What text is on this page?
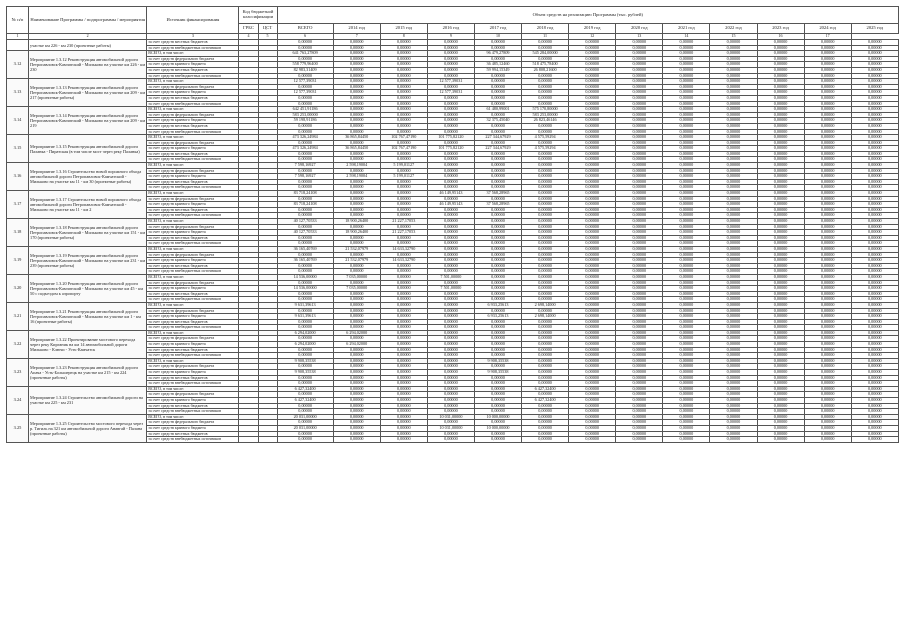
№ п/п	Наименование Программы / подпрограммы / мероприятия	Источник финансирования	Код бюджетной классификации		Объем средств на реализацию Программы (тыс. рублей)												
			ГРБС	ЦСТ	ВСЕГО	2014 год	2015 год	2016 год	2017 год	2018 год	2019 год	2020 год	2021 год	2022 год	2023 год	2024 год	2025 год
1	2	3	4	5	6	7	8	9	10	11	12	13	14	15	16	17	
	участке км 226 - км 230 (проектные работы)	за счет средств местных бюджетов			0,00000	0,00000	0,00000	0,00000	0,00000	0,00000	0,00000	0,00000	0,00000	0,00000	0,00000	0,00000	0,00000
		за счет средств внебюджетных источников			0,00000	0,00000	0,00000	0,00000	0,00000	0,00000	0,00000	0,00000	0,00000	0,00000	0,00000	0,00000	0,00000
3.12	Мероприятие 1.3.12 Реконструкция автомобильной дороги Петропавловск-Камчатский - Мильково на участке км 226 - км 230	ВСЕГО, в том числе:			641 763,27809	0,00000	0,00000	0,00000	96 479,27809	545 284,00000	0,00000	0,00000	0,00000	0,00000	0,00000	0,00000	0,00000
		за счет средств федерального бюджета			0,00000	0,00000	0,00000	0,00000	0,00000	0,00000	0,00000	0,00000	0,00000	0,00000	0,00000	0,00000	0,00000
		за счет средств краевого бюджета			558 779,96400	0,00000	0,00000	0,00000	36 485,12460	518 475,78400	0,00000	0,00000	0,00000	0,00000	0,00000	0,00000	0,00000
		за счет средств местных бюджетов			82 983,31409	0,00000	0,00000	0,00000	59 994,15349	26 808,21600	0,00000	0,00000	0,00000	0,00000	0,00000	0,00000	0,00000
		за счет средств внебюджетных источников			0,00000	0,00000	0,00000	0,00000	0,00000	0,00000	0,00000	0,00000	0,00000	0,00000	0,00000	0,00000	0,00000
3.13	Мероприятие 1.3.13 Реконструкция автомобильной дороги Петропавловск-Камчатский - Мильково на участке км 209 - км 217 (проектные работы)	ВСЕГО, в том числе:			12 577,39031	0,00000	0,00000	12 577,39031	0,00000	0,00000	0,00000	0,00000	0,00000	0,00000	0,00000	0,00000	0,00000
		за счет средств федерального бюджета			0,00000	0,00000	0,00000	0,00000	0,00000	0,00000	0,00000	0,00000	0,00000	0,00000	0,00000	0,00000	0,00000
		за счет средств краевого бюджета			12 577,39031	0,00000	0,00000	12 577,39031	0,00000	0,00000	0,00000	0,00000	0,00000	0,00000	0,00000	0,00000	0,00000
		за счет средств местных бюджетов			0,00000	0,00000	0,00000	0,00000	0,00000	0,00000	0,00000	0,00000	0,00000	0,00000	0,00000	0,00000	0,00000
		за счет средств внебюджетных источников			0,00000	0,00000	0,00000	0,00000	0,00000	0,00000	0,00000	0,00000	0,00000	0,00000	0,00000	0,00000	0,00000
3.14	Мероприятие 1.3.14 Реконструкция автомобильной дороги Петропавловск-Камчатский - Мильково на участке км 209 - км 219	ВСЕГО, в том числе:			642 451,91186	0,00000	0,00000	0,00000	61 480,99001	575 170,80000	0,00000	0,00000	0,00000	0,00000	0,00000	0,00000	0,00000
		за счет средств федерального бюджета			583 253,00000	0,00000	0,00000	0,00000	0,00000	583 253,00000	0,00000	0,00000	0,00000	0,00000	0,00000	0,00000	0,00000
		за счет средств краевого бюджета			59 198,91186	0,00000	0,00000	0,00000	32 375,45040	26 823,46146	0,00000	0,00000	0,00000	0,00000	0,00000	0,00000	0,00000
		за счет средств местных бюджетов			0,00000	0,00000	0,00000	0,00000	0,00000	0,00000	0,00000	0,00000	0,00000	0,00000	0,00000	0,00000	0,00000
		за счет средств внебюджетных источников			0,00000	0,00000	0,00000	0,00000	0,00000	0,00000	0,00000	0,00000	0,00000	0,00000	0,00000	0,00000	0,00000
3.15	Мероприятие 1.3.15 Реконструкция автомобильной дороги Паланка - Пиратская (в том числе мост через реку Паланка)	ВСЕГО, в том числе:			473 326,24984	36 865,84450	102 767,47190	101 775,82120	227 344,67929	4 575,59294	0,00000	0,00000	0,00000	0,00000	0,00000	0,00000	0,00000
		за счет средств федерального бюджета			0,00000	0,00000	0,00000	0,00000	0,00000	0,00000	0,00000	0,00000	0,00000	0,00000	0,00000	0,00000	0,00000
		за счет средств краевого бюджета			473 326,24984	36 865,84450	102 767,47190	101 775,82120	227 344,67929	4 575,59294	0,00000	0,00000	0,00000	0,00000	0,00000	0,00000	0,00000
		за счет средств местных бюджетов			0,00000	0,00000	0,00000	0,00000	0,00000	0,00000	0,00000	0,00000	0,00000	0,00000	0,00000	0,00000	0,00000
		за счет средств внебюджетных источников			0,00000	0,00000	0,00000	0,00000	0,00000	0,00000	0,00000	0,00000	0,00000	0,00000	0,00000	0,00000	0,00000
3.16	Мероприятие 1.3.16 Строительство новой порожного обхода автомобильной дороги Петропавловск-Камчатский - Мильково на участке км 11 - км 30 (проектные работы)	ВСЕГО, в том числе:			7 598,16927	2 598,19004	5 199,01127	0,00000	0,00000	0,00000	0,00000	0,00000	0,00000	0,00000	0,00000	0,00000	0,00000
		за счет средств федерального бюджета			0,00000	0,00000	0,00000	0,00000	0,00000	0,00000	0,00000	0,00000	0,00000	0,00000	0,00000	0,00000	0,00000
		за счет средств краевого бюджета			7 598,16927	2 598,19004	5 199,01127	0,00000	0,00000	0,00000	0,00000	0,00000	0,00000	0,00000	0,00000	0,00000	0,00000
		за счет средств местных бюджетов			0,00000	0,00000	0,00000	0,00000	0,00000	0,00000	0,00000	0,00000	0,00000	0,00000	0,00000	0,00000	0,00000
		за счет средств внебюджетных источников			0,00000	0,00000	0,00000	0,00000	0,00000	0,00000	0,00000	0,00000	0,00000	0,00000	0,00000	0,00000	0,00000
3.17	Мероприятие 1.3.17 Строительство новой порожного обхода автомобильной дороги Петропавловск-Камчатский - Мильково на участке км 11 - км 2	ВСЕГО, в том числе:			83 718,24108	0,00000	0,00000	46 149,95143	37 568,28965	0,00000	0,00000	0,00000	0,00000	0,00000	0,00000	0,00000	0,00000
		за счет средств федерального бюджета			0,00000	0,00000	0,00000	0,00000	0,00000	0,00000	0,00000	0,00000	0,00000	0,00000	0,00000	0,00000	0,00000
		за счет средств краевого бюджета			83 718,24108	0,00000	0,00000	46 149,95143	37 568,28965	0,00000	0,00000	0,00000	0,00000	0,00000	0,00000	0,00000	0,00000
		за счет средств местных бюджетов			0,00000	0,00000	0,00000	0,00000	0,00000	0,00000	0,00000	0,00000	0,00000	0,00000	0,00000	0,00000	0,00000
		за счет средств внебюджетных источников			0,00000	0,00000	0,00000	0,00000	0,00000	0,00000	0,00000	0,00000	0,00000	0,00000	0,00000	0,00000	0,00000
3.18	Мероприятие 1.3.18 Реконструкция автомобильной дороги Петропавловск-Камчатский - Мильково на участке км 151 - км 170 (проектные работы)	ВСЕГО, в том числе:			40 127,70533	18 900,26400	21 227,17053	0,00000	0,00000	0,00000	0,00000	0,00000	0,00000	0,00000	0,00000	0,00000	0,00000
		за счет средств федерального бюджета			0,00000	0,00000	0,00000	0,00000	0,00000	0,00000	0,00000	0,00000	0,00000	0,00000	0,00000	0,00000	0,00000
		за счет средств краевого бюджета			40 127,70533	18 900,26400	21 227,17053	0,00000	0,00000	0,00000	0,00000	0,00000	0,00000	0,00000	0,00000	0,00000	0,00000
		за счет средств местных бюджетов			0,00000	0,00000	0,00000	0,00000	0,00000	0,00000	0,00000	0,00000	0,00000	0,00000	0,00000	0,00000	0,00000
		за счет средств внебюджетных источников			0,00000	0,00000	0,00000	0,00000	0,00000	0,00000	0,00000	0,00000	0,00000	0,00000	0,00000	0,00000	0,00000
3.19	Мероприятие 1.3.19 Реконструкция автомобильной дороги Петропавловск-Камчатский - Мильково на участке км 231 - км 239 (проектные работы)	ВСЕГО, в том числе:			36 165,40769	21 532,07979	14 633,32790	0,00000	0,00000	0,00000	0,00000	0,00000	0,00000	0,00000	0,00000	0,00000	0,00000
		за счет средств федерального бюджета			0,00000	0,00000	0,00000	0,00000	0,00000	0,00000	0,00000	0,00000	0,00000	0,00000	0,00000	0,00000	0,00000
		за счет средств краевого бюджета			36 165,40769	21 532,07979	14 633,32790	0,00000	0,00000	0,00000	0,00000	0,00000	0,00000	0,00000	0,00000	0,00000	0,00000
		за счет средств местных бюджетов			0,00000	0,00000	0,00000	0,00000	0,00000	0,00000	0,00000	0,00000	0,00000	0,00000	0,00000	0,00000	0,00000
		за счет средств внебюджетных источников			0,00000	0,00000	0,00000	0,00000	0,00000	0,00000	0,00000	0,00000	0,00000	0,00000	0,00000	0,00000	0,00000
3.20	Мероприятие 1.3.20 Реконструкция автомобильной дороги Петропавловск-Камчатский - Мильково на участке км 45 - км 50 с подъездом к аэропорту	ВСЕГО, в том числе:			14 536,00000	7 035,00000	0,00000	7 501,00000	0,00000	0,00000	0,00000	0,00000	0,00000	0,00000	0,00000	0,00000	0,00000
		за счет средств федерального бюджета			0,00000	0,00000	0,00000	0,00000	0,00000	0,00000	0,00000	0,00000	0,00000	0,00000	0,00000	0,00000	0,00000
		за счет средств краевого бюджета			14 536,00000	7 035,00000	0,00000	7 501,00000	0,00000	0,00000	0,00000	0,00000	0,00000	0,00000	0,00000	0,00000	0,00000
		за счет средств местных бюджетов			0,00000	0,00000	0,00000	0,00000	0,00000	0,00000	0,00000	0,00000	0,00000	0,00000	0,00000	0,00000	0,00000
		за счет средств внебюджетных источников			0,00000	0,00000	0,00000	0,00000	0,00000	0,00000	0,00000	0,00000	0,00000	0,00000	0,00000	0,00000	0,00000
3.21	Мероприятие 1.3.21 Реконструкция автомобильной дороги Петропавловск-Камчатский - Мильково на участке км 1 - км 16 (проектные работы)	ВСЕГО, в том числе:			9 631,39613	0,00000	0,00000	0,00000	6 933,25613	2 698,14000	0,00000	0,00000	0,00000	0,00000	0,00000	0,00000	0,00000
		за счет средств федерального бюджета			0,00000	0,00000	0,00000	0,00000	0,00000	0,00000	0,00000	0,00000	0,00000	0,00000	0,00000	0,00000	0,00000
		за счет средств краевого бюджета			9 631,39613	0,00000	0,00000	0,00000	6 933,25613	2 698,14000	0,00000	0,00000	0,00000	0,00000	0,00000	0,00000	0,00000
		за счет средств местных бюджетов			0,00000	0,00000	0,00000	0,00000	0,00000	0,00000	0,00000	0,00000	0,00000	0,00000	0,00000	0,00000	0,00000
		за счет средств внебюджетных источников			0,00000	0,00000	0,00000	0,00000	0,00000	0,00000	0,00000	0,00000	0,00000	0,00000	0,00000	0,00000	0,00000
3.22	Мероприятие 1.3.22 Проектирование мостового перехода через реку Кирганик на км 14 автомобильной дороги Мильково - Ключи - Усть-Камчатск	ВСЕГО, в том числе:			6 294,02000	6 294,02000	0,00000	0,00000	0,00000	0,00000	0,00000	0,00000	0,00000	0,00000	0,00000	0,00000	0,00000
		за счет средств федерального бюджета			0,00000	0,00000	0,00000	0,00000	0,00000	0,00000	0,00000	0,00000	0,00000	0,00000	0,00000	0,00000	0,00000
		за счет средств краевого бюджета			6 294,02000	6 294,02000	0,00000	0,00000	0,00000	0,00000	0,00000	0,00000	0,00000	0,00000	0,00000	0,00000	0,00000
		за счет средств местных бюджетов			0,00000	0,00000	0,00000	0,00000	0,00000	0,00000	0,00000	0,00000	0,00000	0,00000	0,00000	0,00000	0,00000
		за счет средств внебюджетных источников			0,00000	0,00000	0,00000	0,00000	0,00000	0,00000	0,00000	0,00000	0,00000	0,00000	0,00000	0,00000	0,00000
3.23	Мероприятие 1.3.23 Реконструкция автомобильной дороги Апача - Усть-Большерецк на участке км 215 - км 224 (проектные работы)	ВСЕГО, в том числе:			9 908,35538	0,00000	0,00000	0,00000	9 908,35538	0,00000	0,00000	0,00000	0,00000	0,00000	0,00000	0,00000	0,00000
		за счет средств федерального бюджета			0,00000	0,00000	0,00000	0,00000	0,00000	0,00000	0,00000	0,00000	0,00000	0,00000	0,00000	0,00000	0,00000
		за счет средств краевого бюджета			9 908,35538	0,00000	0,00000	0,00000	9 908,35538	0,00000	0,00000	0,00000	0,00000	0,00000	0,00000	0,00000	0,00000
		за счет средств местных бюджетов			0,00000	0,00000	0,00000	0,00000	0,00000	0,00000	0,00000	0,00000	0,00000	0,00000	0,00000	0,00000	0,00000
		за счет средств внебюджетных источников			0,00000	0,00000	0,00000	0,00000	0,00000	0,00000	0,00000	0,00000	0,00000	0,00000	0,00000	0,00000	0,00000
3.24	Мероприятие 1.3.24 Строительство автомобильной дороги на участке км 225 - км 231	ВСЕГО, в том числе:			6 427,32400	0,00000	0,00000	0,00000	0,00000	6 427,32400	0,00000	0,00000	0,00000	0,00000	0,00000	0,00000	0,00000
		за счет средств федерального бюджета			0,00000	0,00000	0,00000	0,00000	0,00000	0,00000	0,00000	0,00000	0,00000	0,00000	0,00000	0,00000	0,00000
		за счет средств краевого бюджета			6 427,32400	0,00000	0,00000	0,00000	0,00000	6 427,32400	0,00000	0,00000	0,00000	0,00000	0,00000	0,00000	0,00000
		за счет средств местных бюджетов			0,00000	0,00000	0,00000	0,00000	0,00000	0,00000	0,00000	0,00000	0,00000	0,00000	0,00000	0,00000	0,00000
		за счет средств внебюджетных источников			0,00000	0,00000	0,00000	0,00000	0,00000	0,00000	0,00000	0,00000	0,00000	0,00000	0,00000	0,00000	0,00000
3.25	Мероприятие 1.3.25 Строительство мостового перехода через р. Тигиль на 321 км автомобильной дороги Анавгай - Палана (проектные работы)	ВСЕГО, в том числе:			20 031,00000	0,00000	0,00000	10 031,00000	10 000,00000	0,00000	0,00000	0,00000	0,00000	0,00000	0,00000	0,00000	0,00000
		за счет средств федерального бюджета			0,00000	0,00000	0,00000	0,00000	0,00000	0,00000	0,00000	0,00000	0,00000	0,00000	0,00000	0,00000	0,00000
		за счет средств краевого бюджета			20 031,00000	0,00000	0,00000	10 031,00000	10 000,00000	0,00000	0,00000	0,00000	0,00000	0,00000	0,00000	0,00000	0,00000
		за счет средств местных бюджетов			0,00000	0,00000	0,00000	0,00000	0,00000	0,00000	0,00000	0,00000	0,00000	0,00000	0,00000	0,00000	0,00000
		за счет средств внебюджетных источников			0,00000	0,00000	0,00000	0,00000	0,00000	0,00000	0,00000	0,00000	0,00000	0,00000	0,00000	0,00000	0,00000
